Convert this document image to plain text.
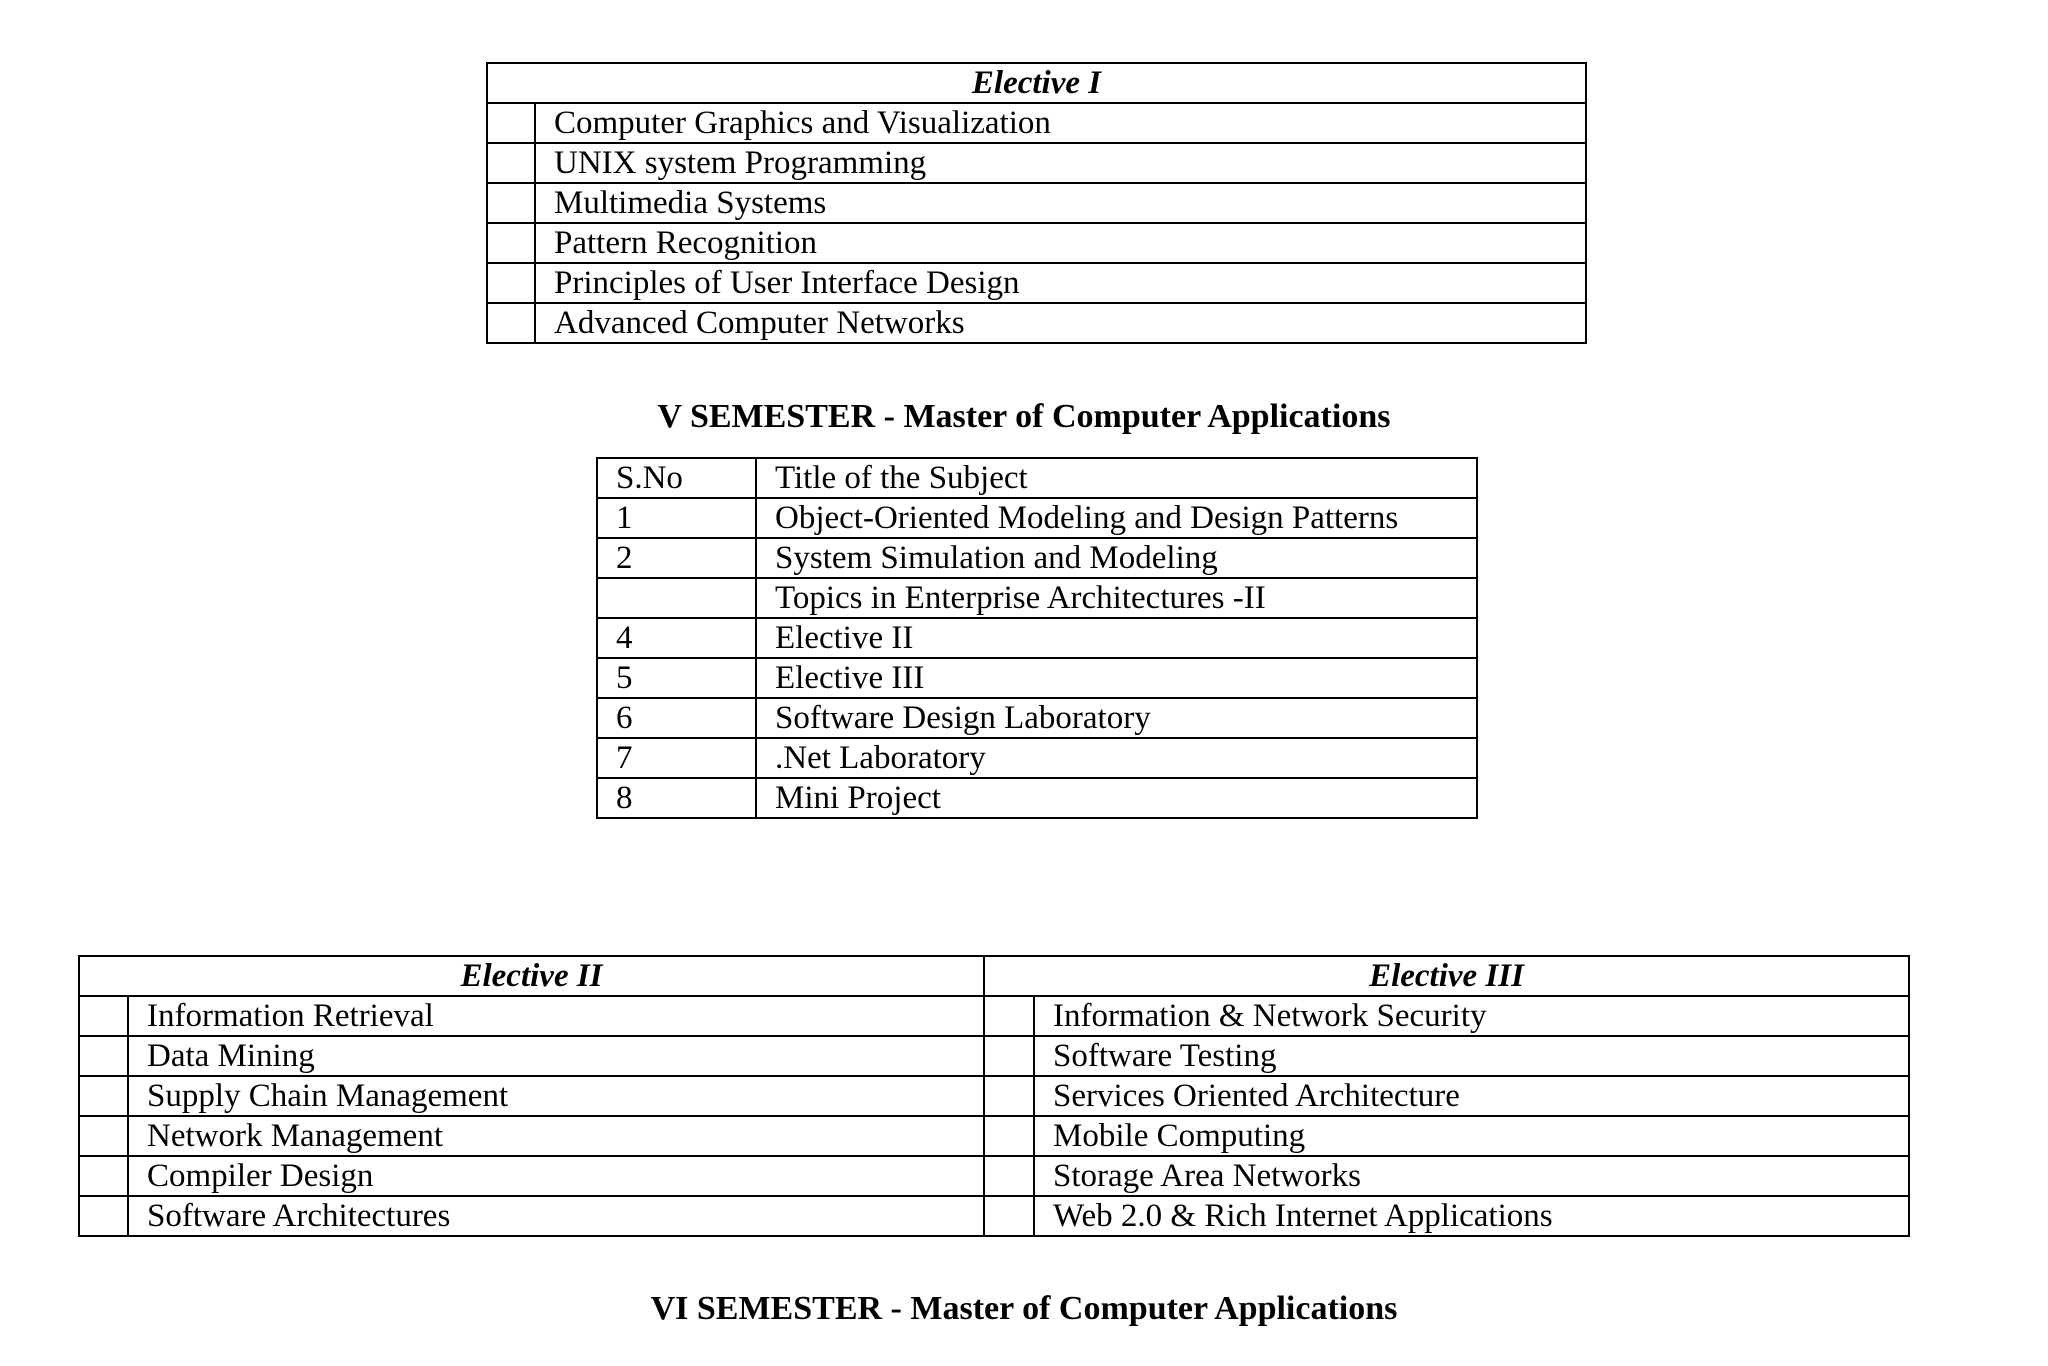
Elective I	
	Computer Graphics and Visualization
	UNIX system Programming
	Multimedia Systems
	Pattern Recognition
	Principles of User Interface Design
	Advanced Computer Networks
V SEMESTER - Master of Computer Applications
S.No	Title of the Subject
1	Object-Oriented Modeling and Design Patterns
2	System Simulation and Modeling
	Topics in Enterprise Architectures -II
4	Elective II
5	Elective III
6	Software Design Laboratory
7	.Net Laboratory
8	Mini Project
Elective II		Elective III	
	Information Retrieval		Information & Network Security
	Data Mining		Software Testing
	Supply Chain Management		Services Oriented Architecture
	Network Management		Mobile Computing
	Compiler Design		Storage Area Networks
	Software Architectures		Web 2.0 & Rich Internet Applications
VI SEMESTER - Master of Computer Applications
